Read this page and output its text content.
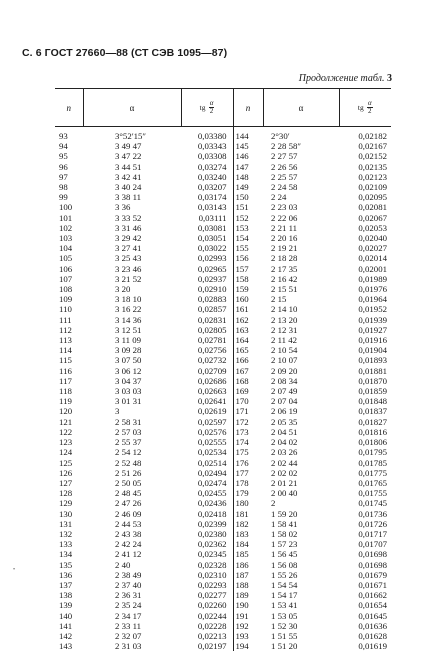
С. 6 ГОСТ 27660—88 (СТ СЭВ 1095—87)
Продолжение табл. 3
n	α	tg $\frac{\alpha}{2}$	n	α	tg $\frac{\alpha}{2}$

93	3°52′15″	0,03380	144	2°30′	0,02182
94	3 49 47	0,03343	145	2 28 58″	0,02167
95	3 47 22	0,03308	146	2 27 57	0,02152
96	3 44 51	0,03274	147	2 26 56	0,02135
97	3 42 41	0,03240	148	2 25 57	0,02123
98	3 40 24	0,03207	149	2 24 58	0,02109
99	3 38 11	0,03174	150	2 24	0,02095
100	3 36	0,03143	151	2 23 03	0,02081
101	3 33 52	0,03111	152	2 22 06	0,02067
102	3 31 46	0,03081	153	2 21 11	0,02053
103	3 29 42	0,03051	154	2 20 16	0,02040
104	3 27 41	0,03022	155	2 19 21	0,02027
105	3 25 43	0,02993	156	2 18 28	0,02014
106	3 23 46	0,02965	157	2 17 35	0,02001
107	3 21 52	0,02937	158	2 16 42	0,01989
108	3 20	0,02910	159	2 15 51	0,01976
109	3 18 10	0,02883	160	2 15	0,01964
110	3 16 22	0,02857	161	2 14 10	0,01952
111	3 14 36	0,02831	162	2 13 20	0,01939
112	3 12 51	0,02805	163	2 12 31	0,01927
113	3 11 09	0,02781	164	2 11 42	0,01916
114	3 09 28	0,02756	165	2 10 54	0,01904
115	3 07 50	0,02732	166	2 10 07	0,01893
116	3 06 12	0,02709	167	2 09 20	0,01881
117	3 04 37	0,02686	168	2 08 34	0,01870
118	3 03 03	0,02663	169	2 07 49	0,01859
119	3 01 31	0,02641	170	2 07 04	0,01848
120	3	0,02619	171	2 06 19	0,01837
121	2 58 31	0,02597	172	2 05 35	0,01827
122	2 57 03	0,02576	173	2 04 51	0,01816
123	2 55 37	0,02555	174	2 04 02	0,01806
124	2 54 12	0,02534	175	2 03 26	0,01795
125	2 52 48	0,02514	176	2 02 44	0,01785
126	2 51 26	0,02494	177	2 02 02	0,01775
127	2 50 05	0,02474	178	2 01 21	0,01765
128	2 48 45	0,02455	179	2 00 40	0,01755
129	2 47 26	0,02436	180	2	0,01745
130	2 46 09	0,02418	181	1 59 20	0,01736
131	2 44 53	0,02399	182	1 58 41	0,01726
132	2 43 38	0,02380	183	1 58 02	0,01717
133	2 42 24	0,02362	184	1 57 23	0,01707
134	2 41 12	0,02345	185	1 56 45	0,01698
135	2 40	0,02328	186	1 56 08	0,01698
136	2 38 49	0,02310	187	1 55 26	0,01679
137	2 37 40	0,02293	188	1 54 54	0,01671
138	2 36 31	0,02277	189	1 54 17	0,01662
139	2 35 24	0,02260	190	1 53 41	0,01654
140	2 34 17	0,02244	191	1 53 05	0,01645
141	2 33 11	0,02228	192	1 52 30	0,01636
142	2 32 07	0,02213	193	1 51 55	0,01628
143	2 31 03	0,02197	194	1 51 20	0,01619
•
